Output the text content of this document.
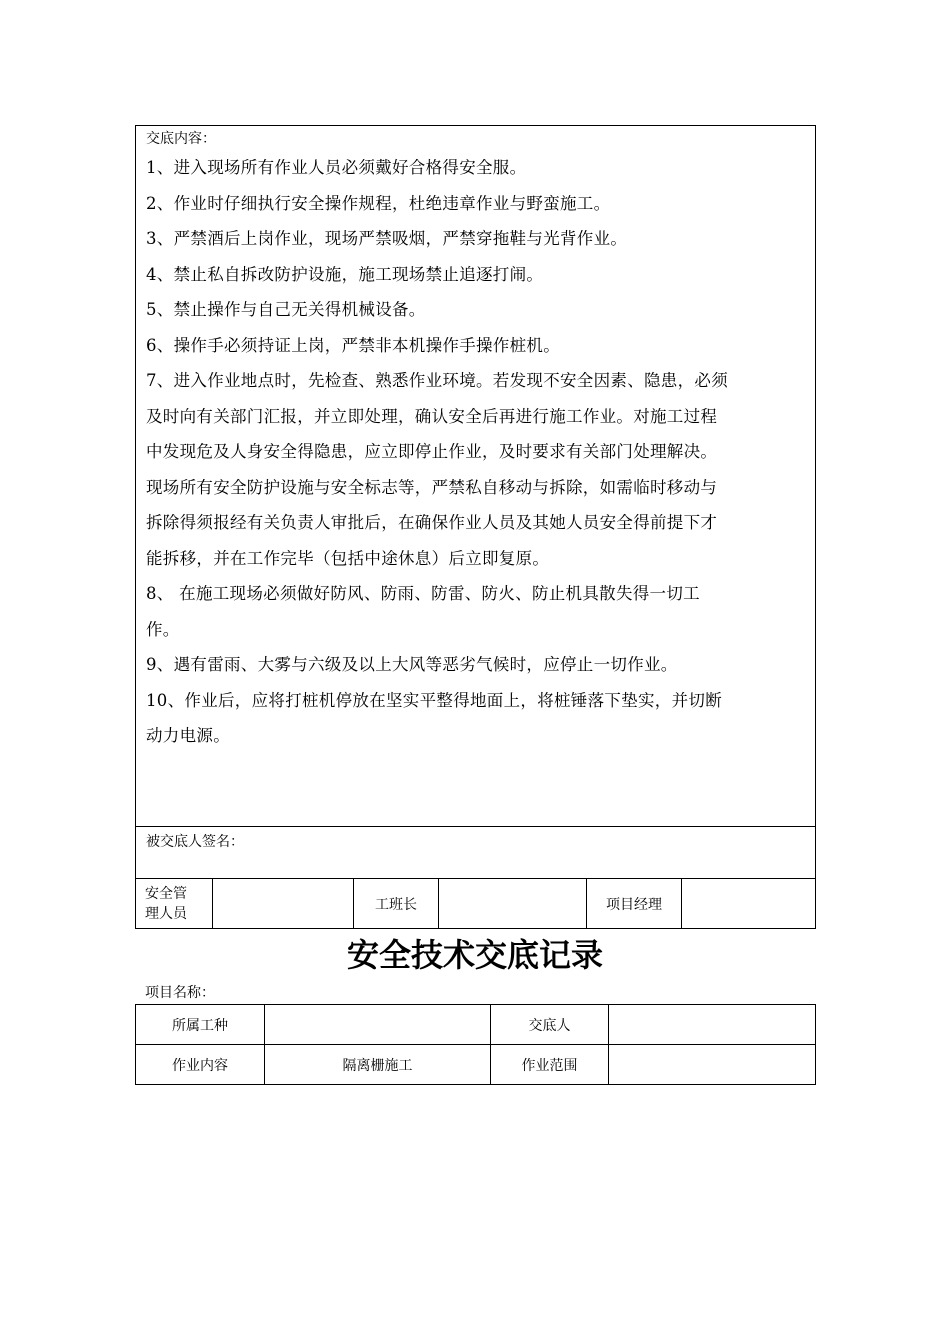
交底内容：
1、进入现场所有作业人员必须戴好合格得安全服。
2、作业时仔细执行安全操作规程，杜绝违章作业与野蛮施工。
3、严禁酒后上岗作业，现场严禁吸烟，严禁穿拖鞋与光背作业。
4、禁止私自拆改防护设施，施工现场禁止追逐打闹。
5、禁止操作与自己无关得机械设备。
6、操作手必须持证上岗，严禁非本机操作手操作桩机。
7、进入作业地点时，先检查、熟悉作业环境。若发现不安全因素、隐患，必须
及时向有关部门汇报，并立即处理，确认安全后再进行施工作业。对施工过程
中发现危及人身安全得隐患，应立即停止作业，及时要求有关部门处理解决。
现场所有安全防护设施与安全标志等，严禁私自移动与拆除，如需临时移动与
拆除得须报经有关负责人审批后，在确保作业人员及其她人员安全得前提下才
能拆移，并在工作完毕（包括中途休息）后立即复原。
8、 在施工现场必须做好防风、防雨、防雷、防火、防止机具散失得一切工
作。
9、遇有雷雨、大雾与六级及以上大风等恶劣气候时，应停止一切作业。
10、作业后，应将打桩机停放在坚实平整得地面上，将桩锤落下垫实，并切断
动力电源。
被交底人签名：
安全管
理人员
		工班长		项目经理	
安全技术交底记录
项目名称：
所属工种		交底人	
作业内容	隔离栅施工	作业范围	
